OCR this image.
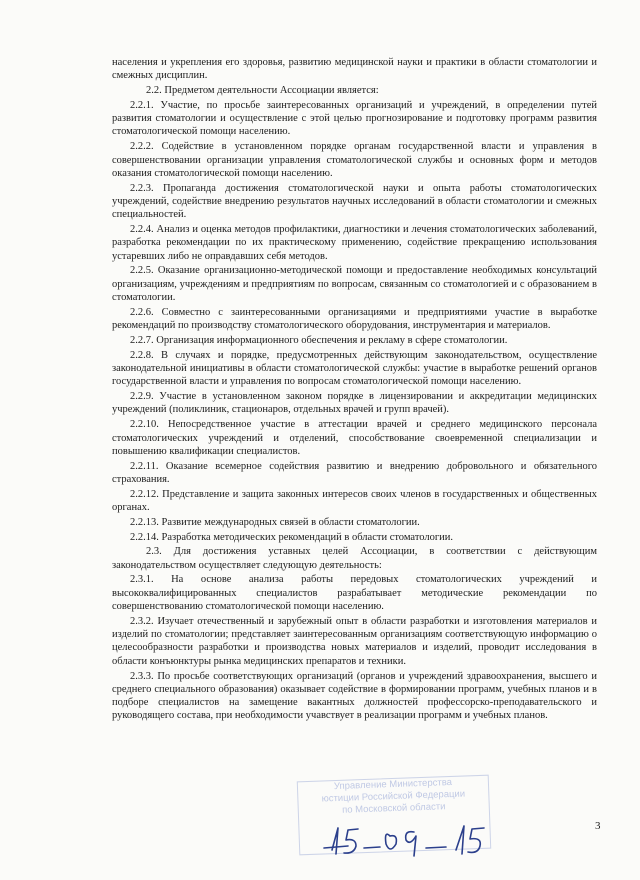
населения и укрепления его здоровья, развитию медицинской науки и практики в области стоматологии и смежных дисциплин.

2.2. Предметом деятельности Ассоциации является:

2.2.1. Участие, по просьбе заинтересованных организаций и учреждений, в определении путей развития стоматологии и осуществление с этой целью прогнозирование и подготовку программ развития стоматологической помощи населению.

2.2.2. Содействие в установленном порядке органам государственной власти и управления в совершенствовании организации управления стоматологической службы и основных форм и методов оказания стоматологической помощи населению.

2.2.3. Пропаганда достижения стоматологической науки и опыта работы стоматологических учреждений, содействие внедрению результатов научных исследований в области стоматологии и смежных специальностей.

2.2.4. Анализ и оценка методов профилактики, диагностики и лечения стоматологических заболеваний, разработка рекомендации по их практическому применению, содействие прекращению использования устаревших либо не оправдавших себя методов.

2.2.5. Оказание организационно-методической помощи и предоставление необходимых консультаций организациям, учреждениям и предприятиям по вопросам, связанным со стоматологией и с образованием в стоматологии.

2.2.6. Совместно с заинтересованными организациями и предприятиями участие в выработке рекомендаций по производству стоматологического оборудования, инструментария и материалов.

2.2.7. Организация информационного обеспечения и рекламу в сфере стоматологии.

2.2.8. В случаях и порядке, предусмотренных действующим законодательством, осуществление законодательной инициативы в области стоматологической службы: участие в выработке решений органов государственной власти и управления по вопросам стоматологической помощи населению.

2.2.9. Участие в установленном законом порядке в лицензировании и аккредитации медицинских учреждений (поликлиник, стационаров, отдельных врачей и групп врачей).

2.2.10. Непосредственное участие в аттестации врачей и среднего медицинского персонала стоматологических учреждений и отделений, способствование своевременной специализации и повышению квалификации специалистов.

2.2.11. Оказание всемерное содействия развитию и внедрению добровольного и обязательного страхования.

2.2.12. Представление и защита законных интересов своих членов в государственных и общественных органах.

2.2.13. Развитие международных связей в области стоматологии.

2.2.14. Разработка методических рекомендаций в области стоматологии.

2.3. Для достижения уставных целей Ассоциации, в соответствии с действующим законодательством осуществляет следующую деятельность:

2.3.1. На основе анализа работы передовых стоматологических учреждений и высококвалифицированных специалистов разрабатывает методические рекомендации по совершенствованию стоматологической помощи населению.

2.3.2. Изучает отечественный и зарубежный опыт в области разработки и изготовления материалов и изделий по стоматологии; представляет заинтересованным организациям соответствующую информацию о целесообразности разработки и производства новых материалов и изделий, проводит исследования в области конъюнктуры рынка медицинских препаратов и техники.

2.3.3. По просьбе соответствующих организаций (органов и учреждений здравоохранения, высшего и среднего специального образования) оказывает содействие в формировании программ, учебных планов и в подборе специалистов на замещение вакантных должностей профессорско-преподавательского и руководящего состава, при необходимости учавствует в реализации программ и учебных планов.

Управление Министерства
юстиции Российской Федерации
по Московской области
3
